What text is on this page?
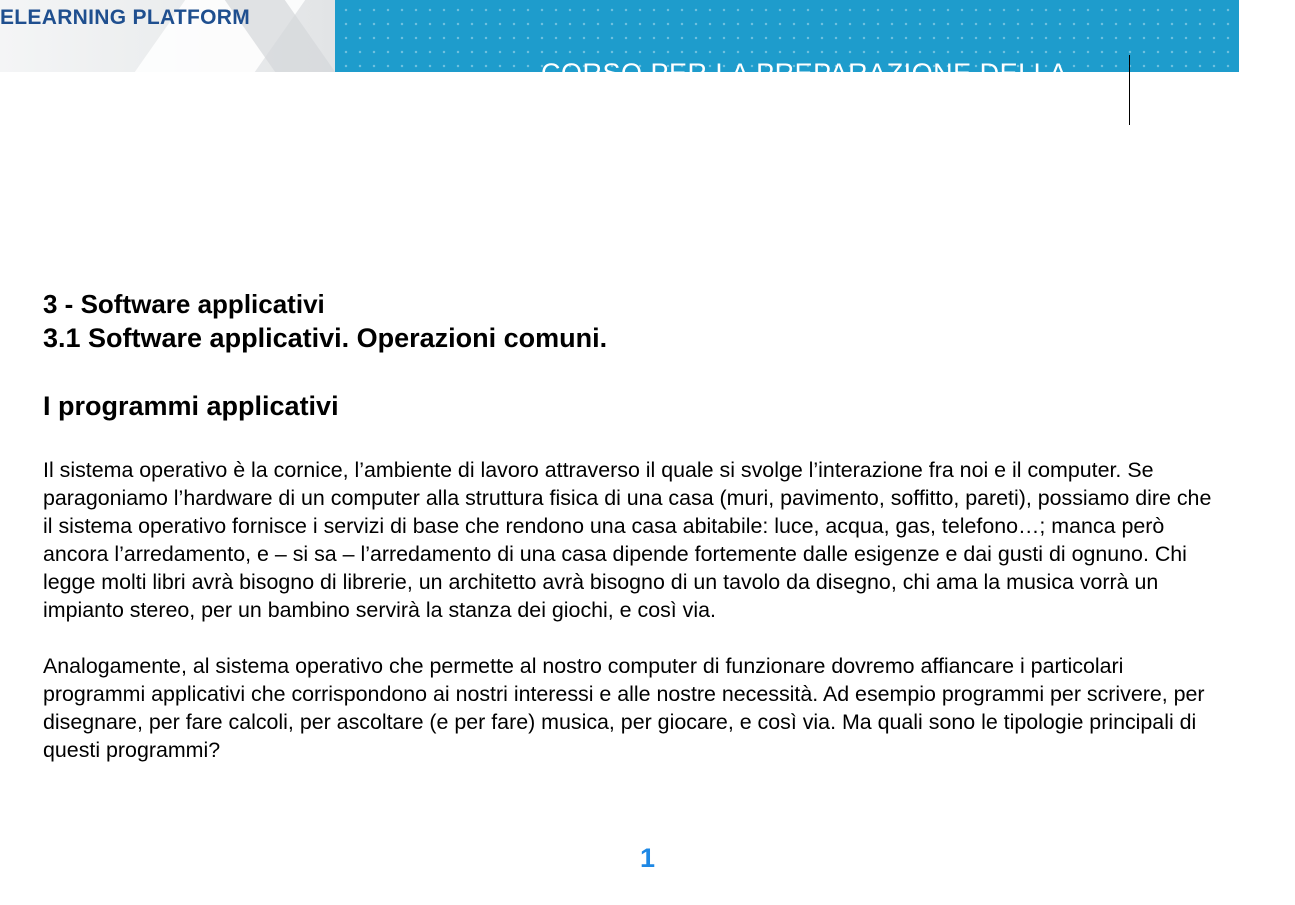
ELEARNING PLATFORM
CORSO PER LA PREPARAZIONE DELLA
3 - Software applicativi
3.1 Software applicativi. Operazioni comuni.
I programmi applicativi

Il sistema operativo è la cornice, l’ambiente di lavoro attraverso il quale si svolge l’interazione fra noi e il computer. Se paragoniamo l’hardware di un computer alla struttura fisica di una casa (muri, pavimento, soffitto, pareti), possiamo dire che il sistema operativo fornisce i servizi di base che rendono una casa abitabile: luce, acqua, gas, telefono…; manca però ancora l’arredamento, e – si sa – l’arredamento di una casa dipende fortemente dalle esigenze e dai gusti di ognuno. Chi legge molti libri avrà bisogno di librerie, un architetto avrà bisogno di un tavolo da disegno, chi ama la musica vorrà un impianto stereo, per un bambino servirà la stanza dei giochi, e così via.

Analogamente, al sistema operativo che permette al nostro computer di funzionare dovremo affiancare i particolari programmi applicativi che corrispondono ai nostri interessi e alle nostre necessità. Ad esempio programmi per scrivere, per disegnare, per fare calcoli, per ascoltare (e per fare) musica, per giocare, e così via. Ma quali sono le tipologie principali di questi programmi?

1
